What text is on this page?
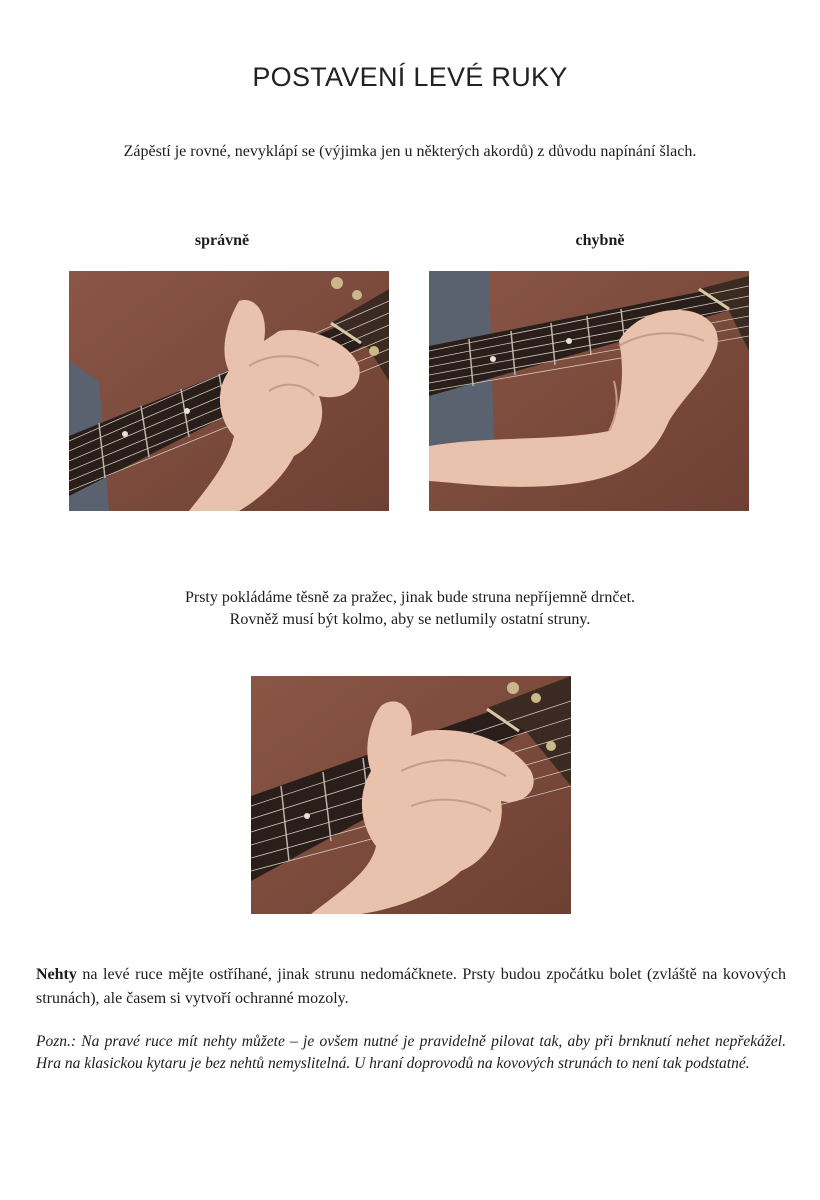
POSTAVENÍ LEVÉ RUKY
Zápěstí je rovné, nevyklápí se (výjimka jen u některých akordů) z důvodu napínání šlach.
správně	chybně
Prsty pokládáme těsně za pražec, jinak bude struna nepříjemně drnčet.
Rovněž musí být kolmo, aby se netlumily ostatní struny.
Nehty na levé ruce mějte ostříhané, jinak strunu nedomáčknete. Prsty budou zpočátku bolet (zvláště na kovových strunách), ale časem si vytvoří ochranné mozoly.
Pozn.: Na pravé ruce mít nehty můžete – je ovšem nutné je pravidelně pilovat tak, aby při brnknutí nehet nepřekážel. Hra na klasickou kytaru je bez nehtů nemyslitelná. U hraní doprovodů na kovových strunách to není tak podstatné.
